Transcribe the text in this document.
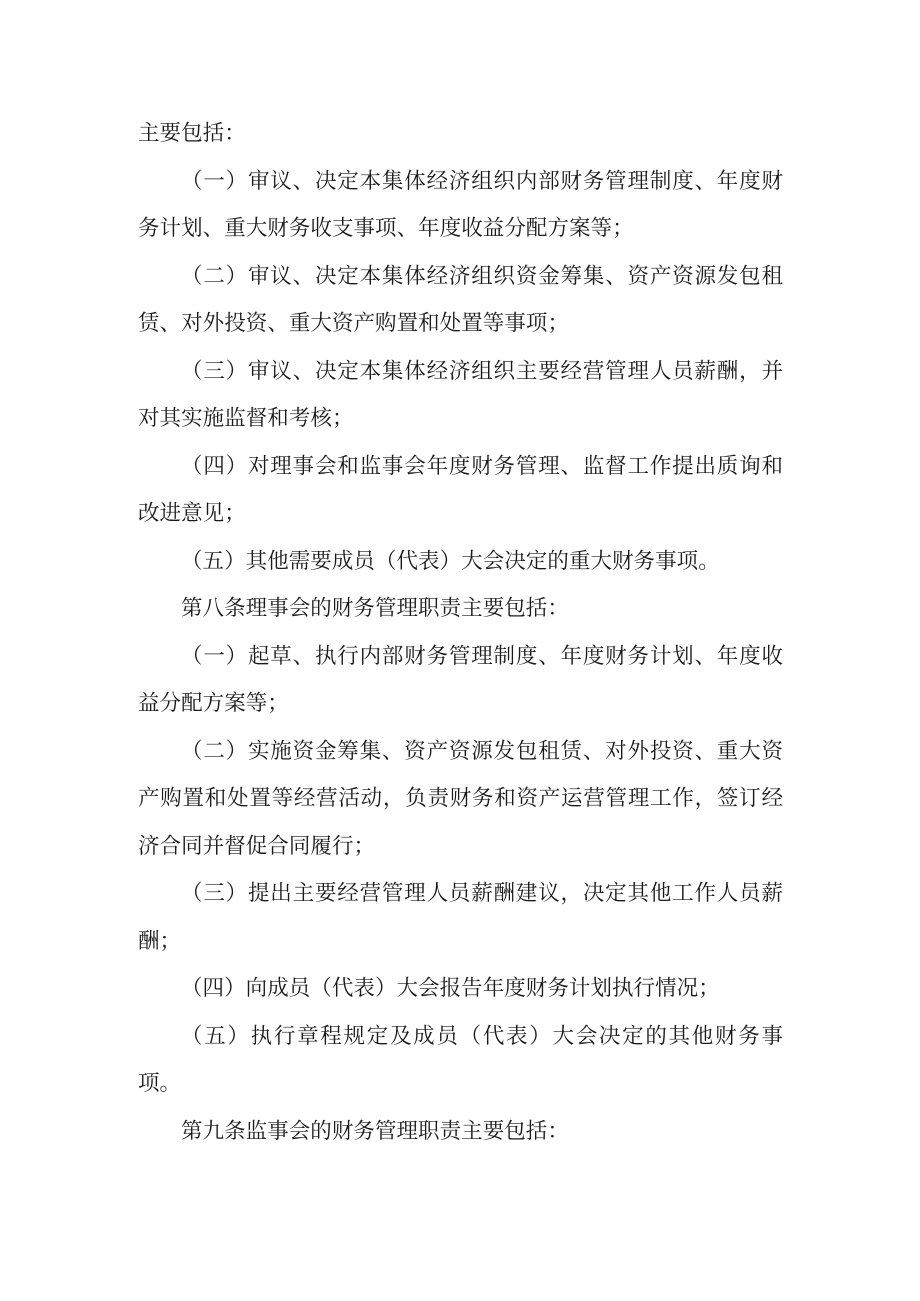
主要包括：

（一）审议、决定本集体经济组织内部财务管理制度、年度财务计划、重大财务收支事项、年度收益分配方案等；

（二）审议、决定本集体经济组织资金筹集、资产资源发包租赁、对外投资、重大资产购置和处置等事项；

（三）审议、决定本集体经济组织主要经营管理人员薪酬，并对其实施监督和考核；

（四）对理事会和监事会年度财务管理、监督工作提出质询和改进意见；

（五）其他需要成员（代表）大会决定的重大财务事项。

第八条理事会的财务管理职责主要包括：

（一）起草、执行内部财务管理制度、年度财务计划、年度收益分配方案等；

（二）实施资金筹集、资产资源发包租赁、对外投资、重大资产购置和处置等经营活动，负责财务和资产运营管理工作，签订经济合同并督促合同履行；

（三）提出主要经营管理人员薪酬建议，决定其他工作人员薪酬；

（四）向成员（代表）大会报告年度财务计划执行情况；

（五）执行章程规定及成员（代表）大会决定的其他财务事项。

第九条监事会的财务管理职责主要包括：
